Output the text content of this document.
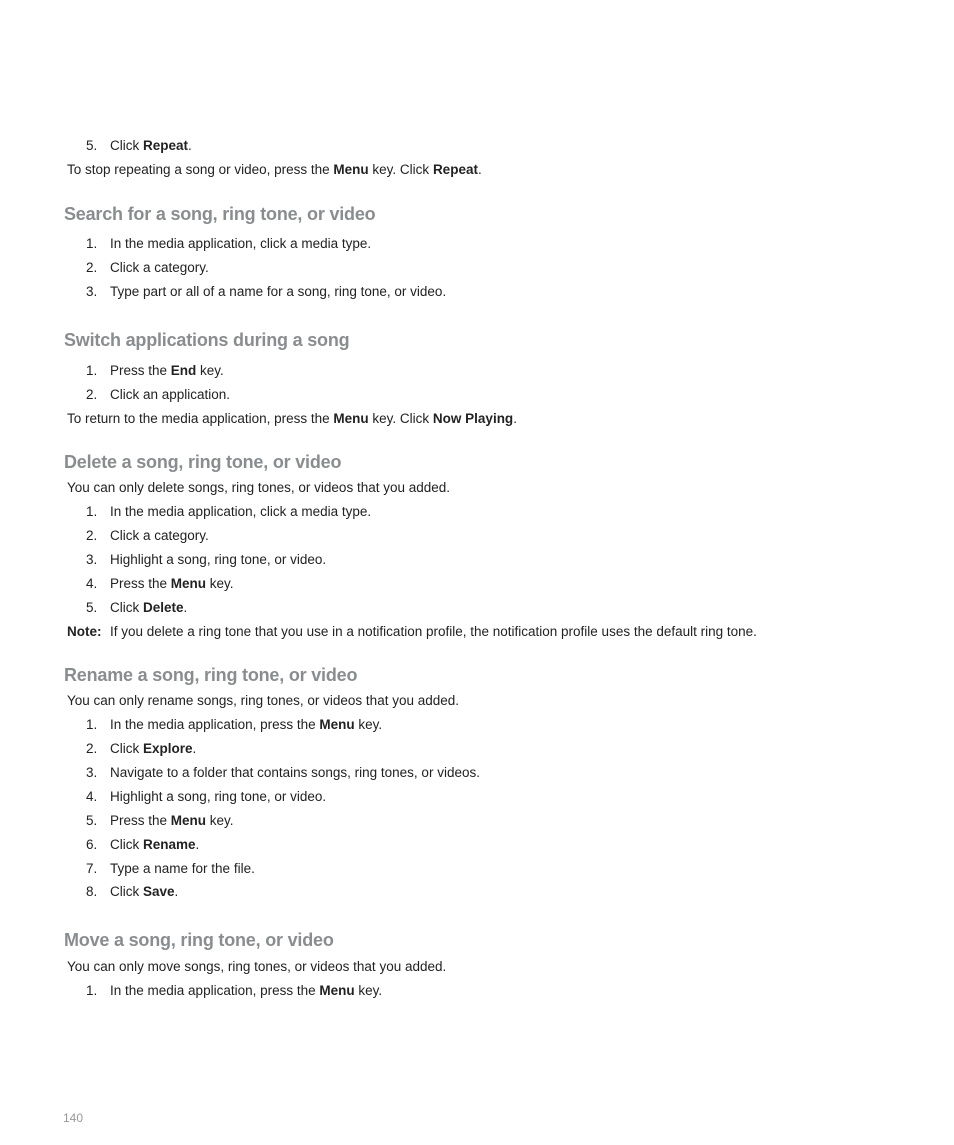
5. Click Repeat.

To stop repeating a song or video, press the Menu key. Click Repeat.

Search for a song, ring tone, or video
1. In the media application, click a media type.
2. Click a category.
3. Type part or all of a name for a song, ring tone, or video.
Switch applications during a song
1. Press the End key.
2. Click an application.

To return to the media application, press the Menu key. Click Now Playing.

Delete a song, ring tone, or video

You can only delete songs, ring tones, or videos that you added.

1. In the media application, click a media type.
2. Click a category.
3. Highlight a song, ring tone, or video.
4. Press the Menu key.
5. Click Delete.
Note: If you delete a ring tone that you use in a notification profile, the notification profile uses the default ring tone.
Rename a song, ring tone, or video

You can only rename songs, ring tones, or videos that you added.

1. In the media application, press the Menu key.
2. Click Explore.
3. Navigate to a folder that contains songs, ring tones, or videos.
4. Highlight a song, ring tone, or video.
5. Press the Menu key.
6. Click Rename.
7. Type a name for the file.
8. Click Save.
Move a song, ring tone, or video

You can only move songs, ring tones, or videos that you added.

1. In the media application, press the Menu key.
140
